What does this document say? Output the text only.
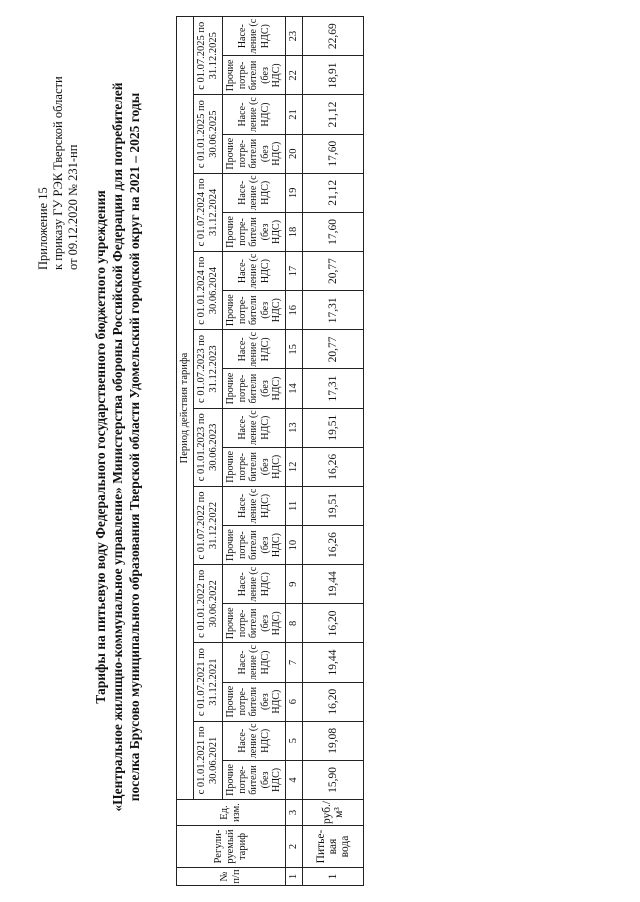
Приложение 15 к приказу ГУ РЭК Тверской области от 09.12.2020 № 231-нп Тарифы на питьевую воду Федерального государственного бюджетного учреждения «Центральное жилищно-коммунальное управление» Министерства обороны Российской Федерации для потребителей поселка Брусово муниципального образования Тверской области Удомельский городской округ на 2021 – 2025 годы
№ п/п	Регули-руемый тариф	Ед. изм.	Период действия тарифа																			
			с 01.01.2021 по 30.06.2021		с 01.07.2021 по 31.12.2021		с 01.01.2022 по 30.06.2022		с 01.07.2022 по 31.12.2022		с 01.01.2023 по 30.06.2023		с 01.07.2023 по 31.12.2023		с 01.01.2024 по 30.06.2024		с 01.07.2024 по 31.12.2024		с 01.01.2025 по 30.06.2025		с 01.07.2025 по 31.12.2025	
			Прочие потре-бители (без НДС)	Насе-ление (с НДС)	Прочие потре-бители (без НДС)	Насе-ление (с НДС)	Прочие потре-бители (без НДС)	Насе-ление (с НДС)	Прочие потре-бители (без НДС)	Насе-ление (с НДС)	Прочие потре-бители (без НДС)	Насе-ление (с НДС)	Прочие потре-бители (без НДС)	Насе-ление (с НДС)	Прочие потре-бители (без НДС)	Насе-ление (с НДС)	Прочие потре-бители (без НДС)	Насе-ление (с НДС)	Прочие потре-бители (без НДС)	Насе-ление (с НДС)	Прочие потре-бители (без НДС)	Насе-ление (с НДС)
1	2	3	4	5	6	7	8	9	10	11	12	13	14	15	16	17	18	19	20	21	22	23
1	Питье-вая вода	руб./м³	15,90	19,08	16,20	19,44	16,20	19,44	16,26	19,51	16,26	19,51	17,31	20,77	17,31	20,77	17,60	21,12	17,60	21,12	18,91	22,69
